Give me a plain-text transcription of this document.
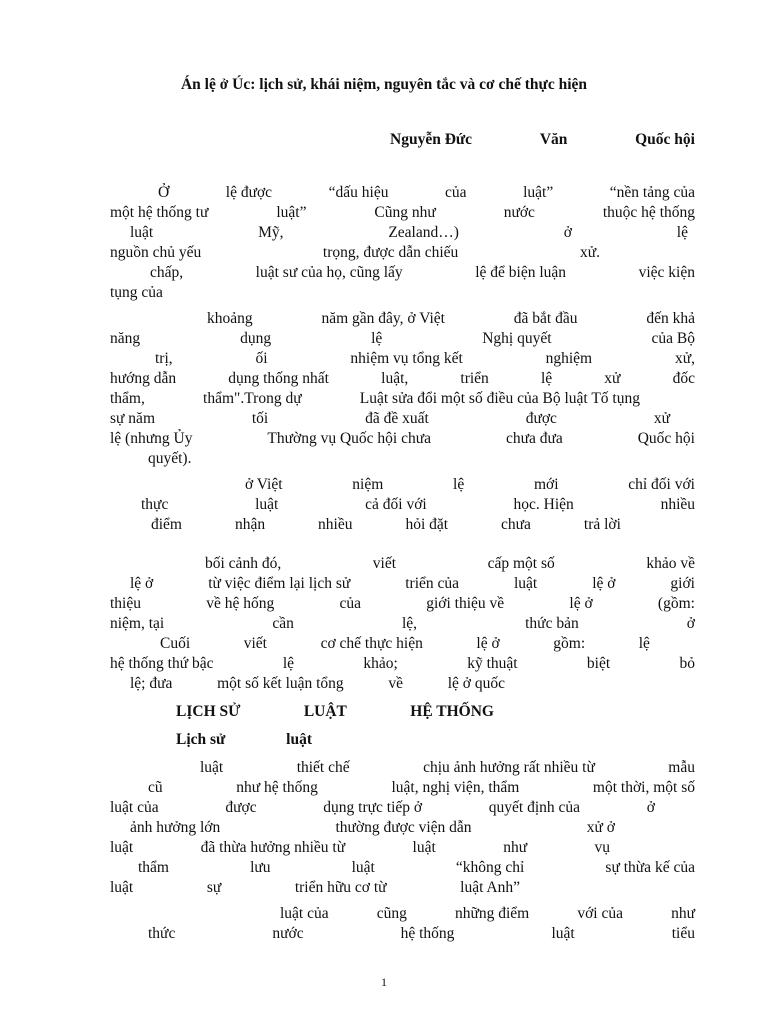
Án lệ ở Úc: lịch sử, khái niệm, nguyên tắc và cơ chế thực hiện
Nguyễn Đức	Văn	Quốc hội
Ở	lệ được	“dấu hiệu	của	luật”	“nền tảng của
một hệ thống tư	luật”	Cũng như	nước	thuộc hệ thống
luật	Mỹ,	Zealand…)	ở	lệ
nguồn chủ yếu	trọng, được dẫn chiếu	xử.
chấp,	luật sư của họ, cũng lấy	lệ để biện luận	việc kiện
tụng của
khoảng	năm gần đây, ở Việt	đã bắt đầu	đến khả
năng	dụng	lệ	Nghị quyết	của Bộ
trị,	ối	nhiệm vụ tổng kết	nghiệm	xử,
hướng dẫn	dụng thống nhất	luật,	triển	lệ	xử	đốc
thẩm,	thẩm".Trong dự	Luật sửa đổi một số điều của Bộ luật Tố tụng
sự năm	tối	đã đề xuất	được	xử
lệ (nhưng Ủy	Thường vụ Quốc hội chưa	chưa đưa	Quốc hội
quyết).
ở Việt	niệm	lệ	mới	chỉ đối với
thực	luật	cả đối với	học. Hiện	nhiều
điểm	nhận	nhiều	hỏi đặt	chưa	trả lời
bối cảnh đó,	viết	cấp một số	khảo về
lệ ở	từ việc điểm lại lịch sử	triển của	luật	lệ ở	giới
thiệu	về hệ hống	của	giới thiệu về	lệ ở	(gồm:
niệm, tại	cần	lệ,	thức bản	ở
Cuối	viết	cơ chế thực hiện	lệ ở	gồm:	lệ
hệ thống thứ bậc	lệ	khảo;	kỹ thuật	biệt	bỏ
lệ; đưa	một số kết luận tổng	về	lệ ở quốc
luật	thiết chế	chịu ảnh hưởng rất nhiều từ	mẫu
cũ	như hệ thống	luật, nghị viện, thẩm	một thời, một số
luật của	được	dụng trực tiếp ở	quyết định của	ở
ảnh hưởng lớn	thường được viện dẫn	xử ở
luật	đã thừa hưởng nhiều từ	luật	như	vụ
thẩm	lưu	luật	“không chỉ	sự thừa kế của
luật	sự	triển hữu cơ từ	luật Anh”
luật của	cũng	những điểm	với của	như
thức	nước	hệ thống	luật	tiểu
LỊCH SỬ	LUẬT	HỆ THỐNG
Lịch sử	luật
1
